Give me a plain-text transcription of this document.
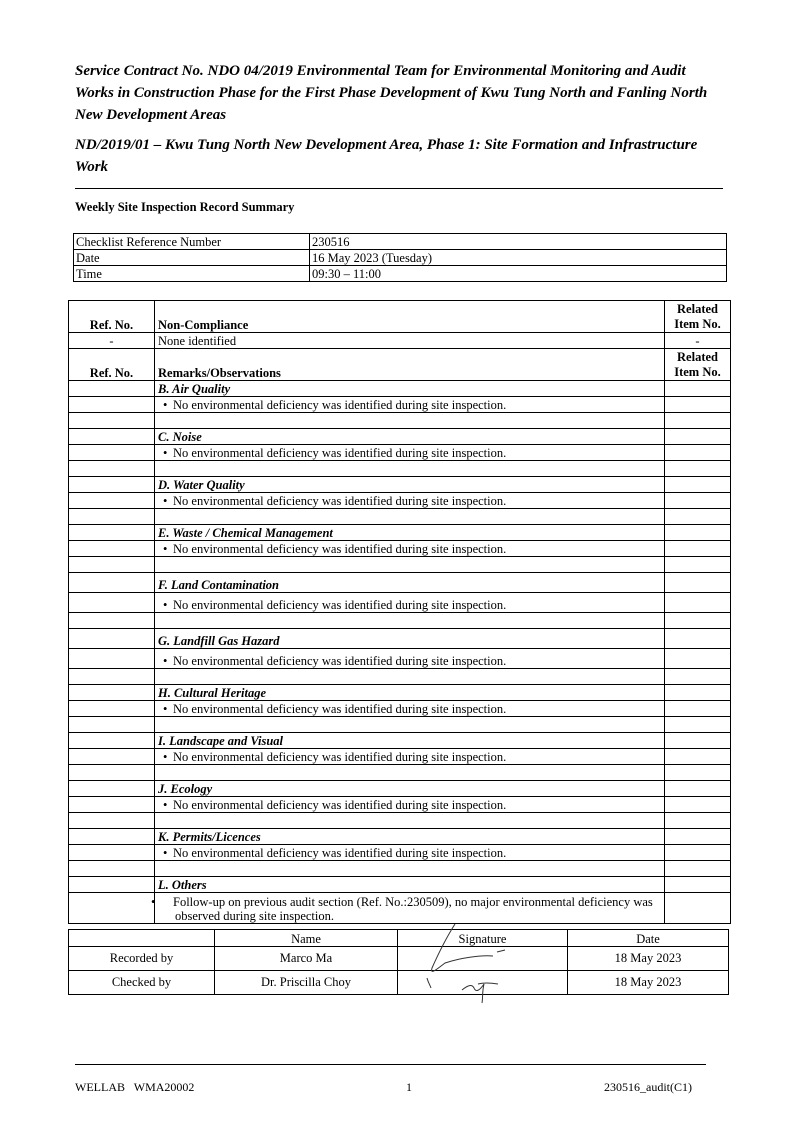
Service Contract No. NDO 04/2019 Environmental Team for Environmental Monitoring and Audit Works in Construction Phase for the First Phase Development of Kwu Tung North and Fanling North New Development Areas

ND/2019/01 – Kwu Tung North New Development Area, Phase 1: Site Formation and Infrastructure Work

Weekly Site Inspection Record Summary
Checklist Reference Number	230516
Date	16 May 2023 (Tuesday)
Time	09:30 – 11:00
Ref. No.	Non-Compliance	Related Item No.
-	None identified	-
Ref. No.	Remarks/Observations	Related Item No.
	B. Air Quality	
	• No environmental deficiency was identified during site inspection.	

	C. Noise	
	• No environmental deficiency was identified during site inspection.	

	D. Water Quality	
	• No environmental deficiency was identified during site inspection.	

	E. Waste / Chemical Management	
	• No environmental deficiency was identified during site inspection.	

	F. Land Contamination	
	• No environmental deficiency was identified during site inspection.	

	G. Landfill Gas Hazard	
	• No environmental deficiency was identified during site inspection.	

	H. Cultural Heritage	
	• No environmental deficiency was identified during site inspection.	

	I. Landscape and Visual	
	• No environmental deficiency was identified during site inspection.	

	J. Ecology	
	• No environmental deficiency was identified during site inspection.	

	K. Permits/Licences	
	• No environmental deficiency was identified during site inspection.	

	L. Others	
	• Follow-up on previous audit section (Ref. No.:230509), no major environmental deficiency was observed during site inspection.	
	Name	Signature	Date
Recorded by	Marco Ma		18 May 2023
Checked by	Dr. Priscilla Choy		18 May 2023
WELLAB   WMA20002	1	230516_audit(C1)
